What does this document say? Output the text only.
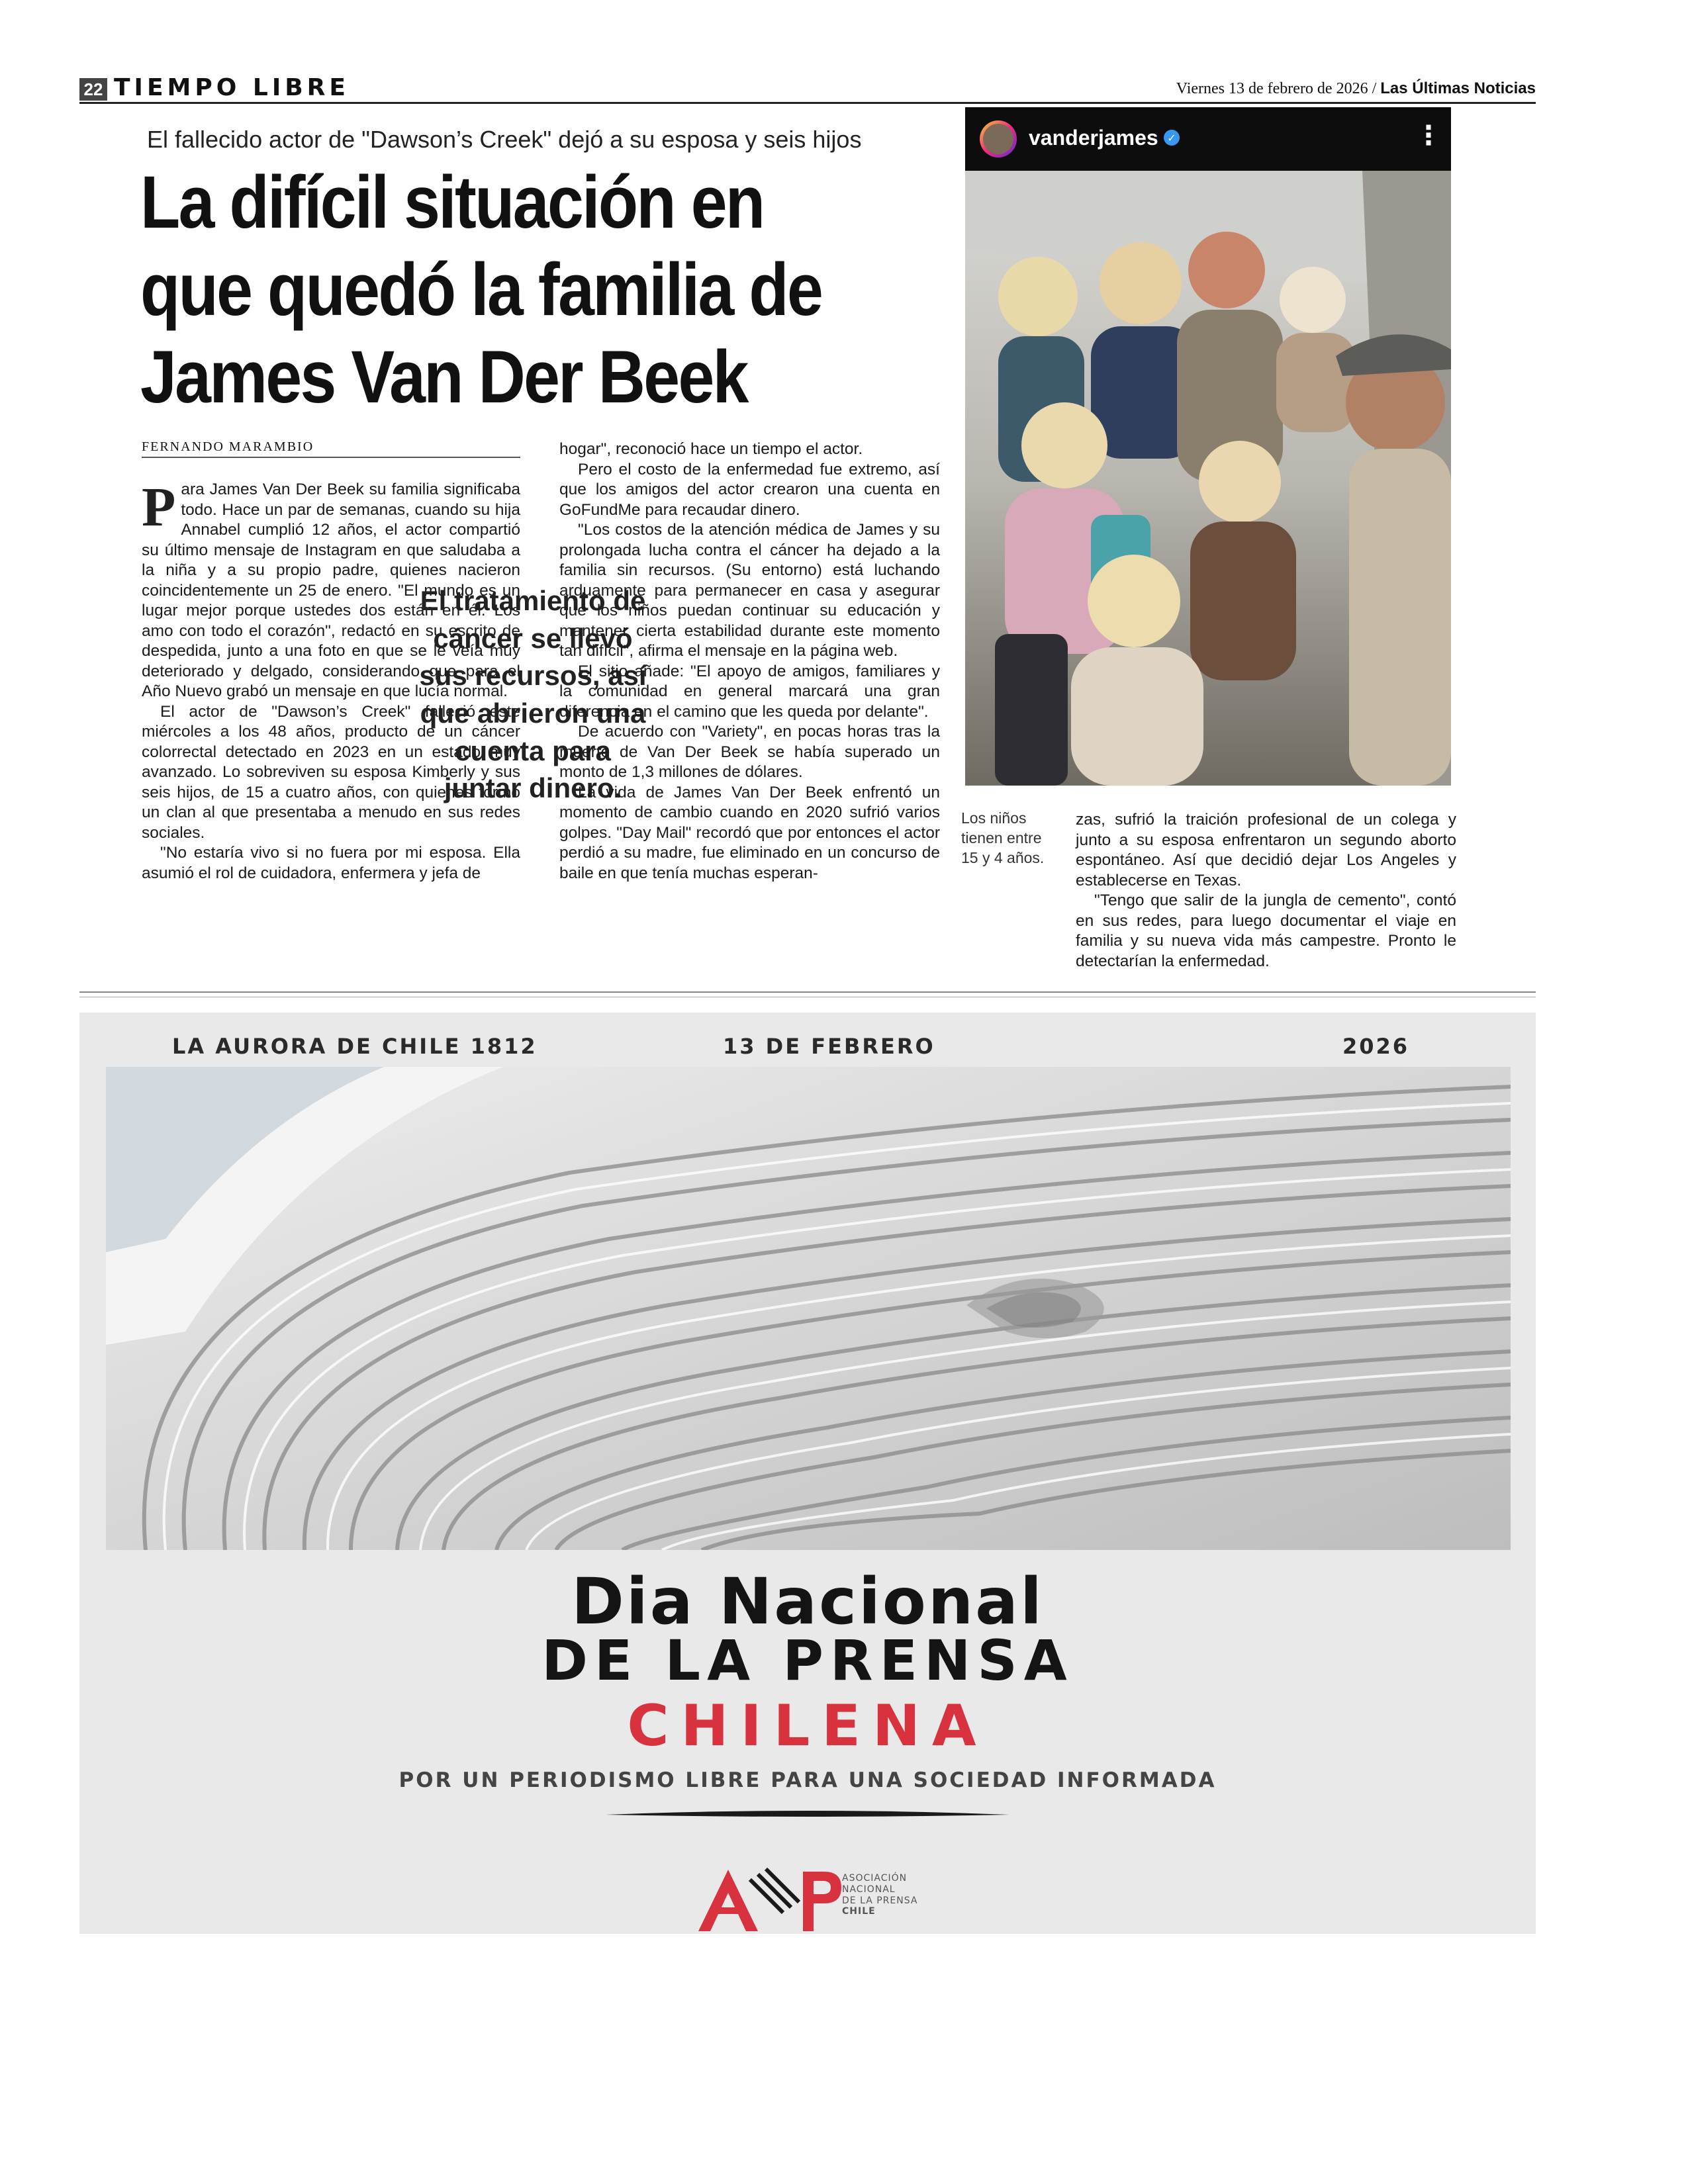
22 TIEMPO LIBRE	Viernes 13 de febrero de 2026 / Las Últimas Noticias
El fallecido actor de "Dawson’s Creek" dejó a su esposa y seis hijos
La difícil situación en
que quedó la familia de
James Van Der Beek
FERNANDO MARAMBIO

Para James Van Der Beek su familia significaba todo. Hace un par de semanas, cuando su hija Annabel cumplió 12 años, el actor compartió su último mensaje de Instagram en que saludaba a la niña y a su propio padre, quienes nacieron coincidentemente un 25 de enero. "El mundo es un lugar mejor porque ustedes dos están en él. Los amo con todo el corazón", redactó en su escrito de despedida, junto a una foto en que se le veía muy deteriorado y delgado, considerando que para el Año Nuevo grabó un mensaje en que lucía normal.

El actor de "Dawson’s Creek" falleció este miércoles a los 48 años, producto de un cáncer colorrectal detectado en 2023 en un estado muy avanzado. Lo sobreviven su esposa Kimberly y sus seis hijos, de 15 a cuatro años, con quienes formó un clan al que presentaba a menudo en sus redes sociales.

"No estaría vivo si no fuera por mi esposa. Ella asumió el rol de cuidadora, enfermera y jefa de

El tratamiento de cáncer se llevó sus recursos, así que abrieron una cuenta para juntar dinero.

hogar", reconoció hace un tiempo el actor.

Pero el costo de la enfermedad fue extremo, así que los amigos del actor crearon una cuenta en GoFundMe para recaudar dinero.

"Los costos de la atención médica de James y su prolongada lucha contra el cáncer ha dejado a la familia sin recursos. (Su entorno) está luchando arduamente para permanecer en casa y asegurar que los niños puedan continuar su educación y mantener cierta estabilidad durante este momento tan difícil", afirma el mensaje en la página web.

El sitio añade: "El apoyo de amigos, familiares y la comunidad en general marcará una gran diferencia en el camino que les queda por delante".

De acuerdo con "Variety", en pocas horas tras la muerte de Van Der Beek se había superado un monto de 1,3 millones de dólares.

La vida de James Van Der Beek enfrentó un momento de cambio cuando en 2020 sufrió varios golpes. "Day Mail" recordó que por entonces el actor perdió a su madre, fue eliminado en un concurso de baile en que tenía muchas esperan-

vanderjames ✓	⋮
Los niños tienen entre 15 y 4 años.

zas, sufrió la traición profesional de un colega y junto a su esposa enfrentaron un segundo aborto espontáneo. Así que decidió dejar Los Angeles y establecerse en Texas.

"Tengo que salir de la jungla de cemento", contó en sus redes, para luego documentar el viaje en familia y su nueva vida más campestre. Pronto le detectarían la enfermedad.

LA AURORA DE CHILE 1812	13 DE FEBRERO	2026
Dia Nacional
DE LA PRENSA
CHILENA
POR UN PERIODISMO LIBRE PARA UNA SOCIEDAD INFORMADA
ASOCIACIÓN
NACIONAL
DE LA PRENSA
CHILE
